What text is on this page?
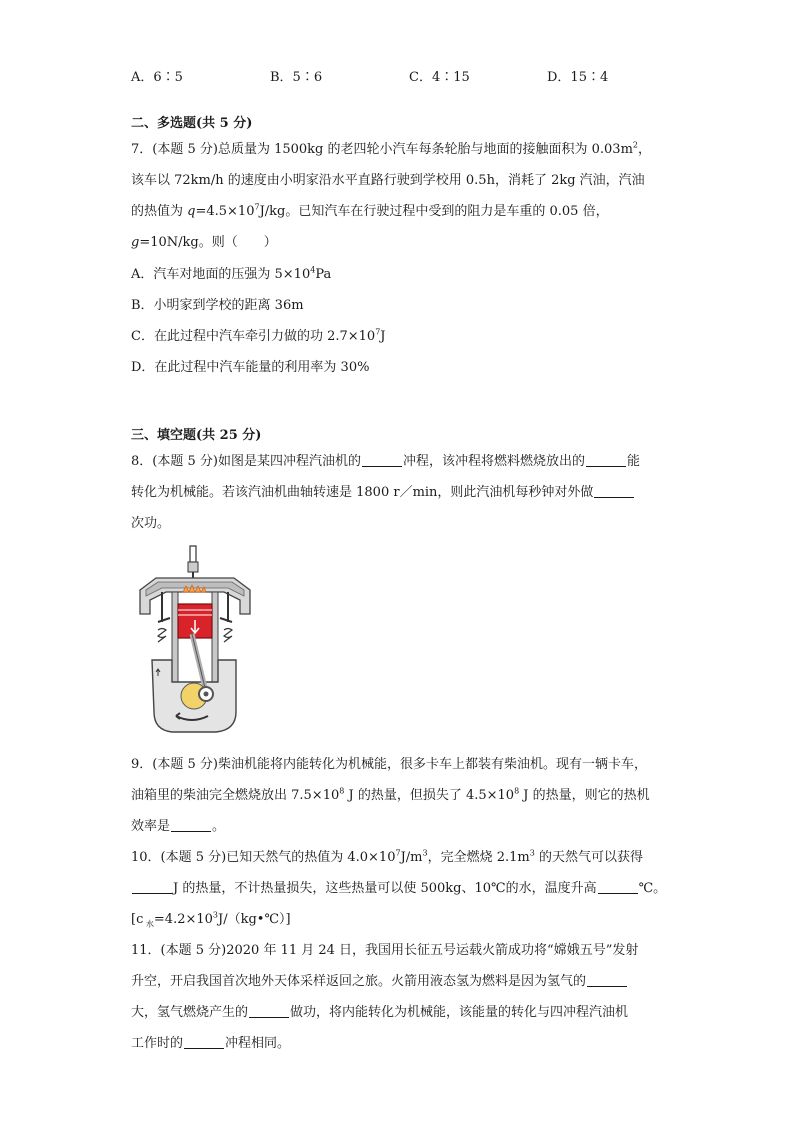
A．6∶5	B．5∶6	C．4∶15	D．15∶4
二、多选题(共 5 分)
7．(本题 5 分)总质量为 1500kg 的老四轮小汽车每条轮胎与地面的接触面积为 $0.03m^2$，
该车以 72km/h 的速度由小明家沿水平直路行驶到学校用 0.5h，消耗了 2kg 汽油，汽油
的热值为 $q=4.5\times 10^7J/kg$。已知汽车在行驶过程中受到的阻力是车重的 0.05 倍，
g=10N/kg。则（　　）
A．汽车对地面的压强为 $5\times 10^4Pa$
B．小明家到学校的距离 36m
C．在此过程中汽车牵引力做的功 $2.7\times 10^7J$
D．在此过程中汽车能量的利用率为 30%
三、填空题(共 25 分)
8．(本题 5 分)如图是某四冲程汽油机的	冲程，该冲程将燃料燃烧放出的	能
转化为机械能。若该汽油机曲轴转速是 1800 r／min，则此汽油机每秒钟对外做
次功。
9．(本题 5 分)柴油机能将内能转化为机械能，很多卡车上都装有柴油机。现有一辆卡车，
油箱里的柴油完全燃烧放出 $7.5\times 10^8$ J 的热量，但损失了 $4.5\times 10^8$ J 的热量，则它的热机
效率是	。
10．(本题 5 分)已知天然气的热值为 $4.0\times 10^7J/m^3$，完全燃烧 $2.1m^3$ 的天然气可以获得
J 的热量，不计热量损失，这些热量可以使 500kg、10℃的水，温度升高	℃。
[c $_水=4.2\times 10^3J/(kg•℃)$]
11．(本题 5 分)2020 年 11 月 24 日，我国用长征五号运载火箭成功将“嫦娥五号”发射
升空，开启我国首次地外天体采样返回之旅。火箭用液态氢为燃料是因为氢气的
大，氢气燃烧产生的	做功，将内能转化为机械能，该能量的转化与四冲程汽油机
工作时的	冲程相同。
